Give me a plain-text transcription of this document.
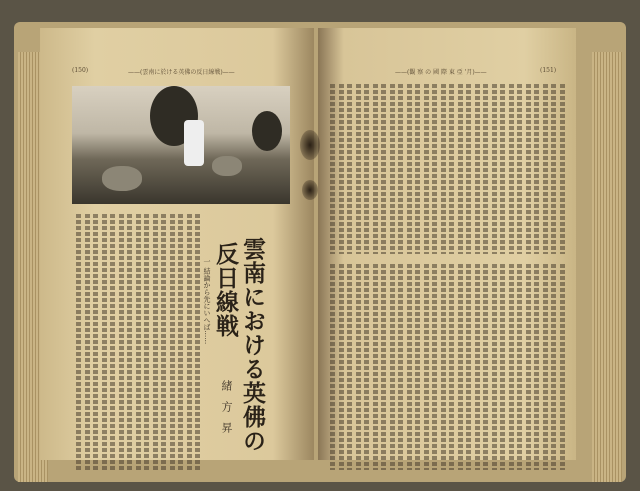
(150)	——(雲南に於ける英佛の反日線戦)——	——(觀 察 の 國 際 東 亞 '月)——	(151)
雲南における英佛の
反日線戦
一 結論から先にいへば……
緒方昇
